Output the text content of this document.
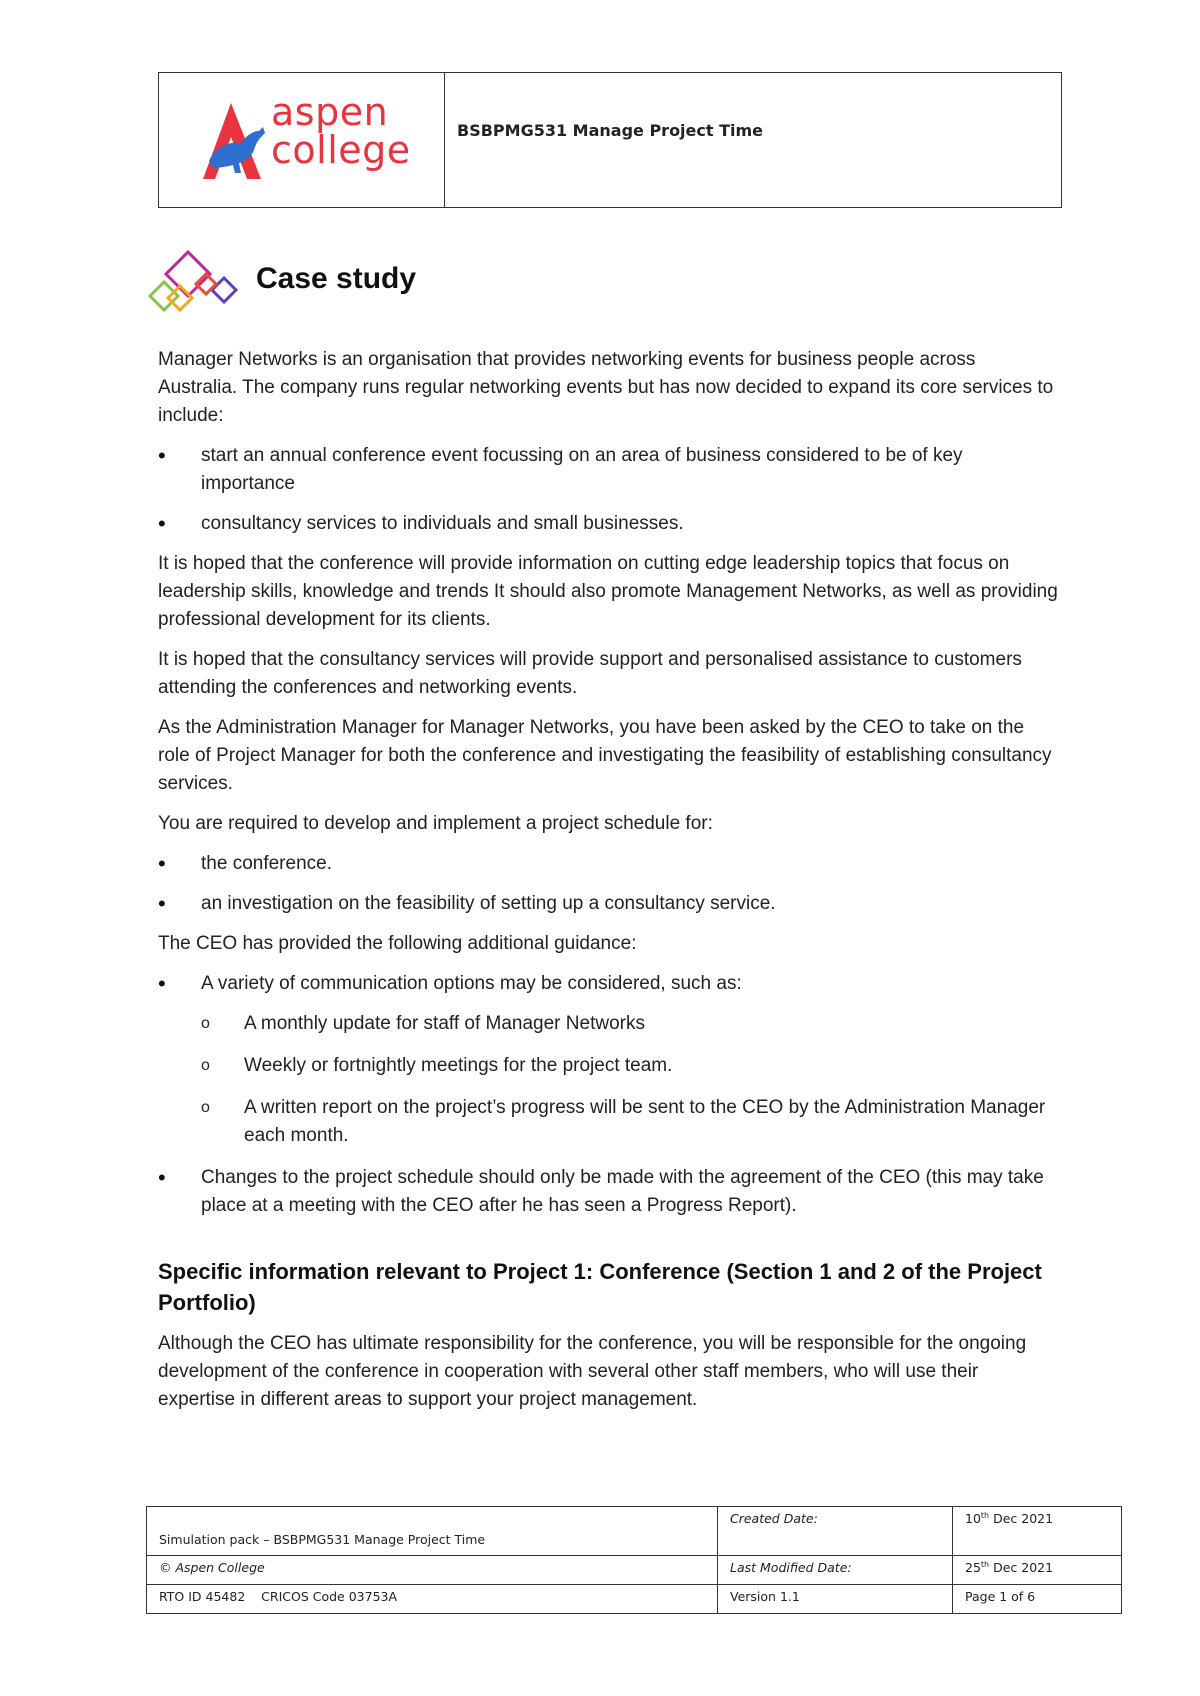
aspen
college	BSBPMG531 Manage Project Time
Case study

Manager Networks is an organisation that provides networking events for business people across Australia. The company runs regular networking events but has now decided to expand its core services to include:

• start an annual conference event focussing on an area of business considered to be of key importance
• consultancy services to individuals and small businesses.

It is hoped that the conference will provide information on cutting edge leadership topics that focus on leadership skills, knowledge and trends It should also promote Management Networks, as well as providing professional development for its clients.

It is hoped that the consultancy services will provide support and personalised assistance to customers attending the conferences and networking events.

As the Administration Manager for Manager Networks, you have been asked by the CEO to take on the role of Project Manager for both the conference and investigating the feasibility of establishing consultancy services.

You are required to develop and implement a project schedule for:

• the conference.
• an investigation on the feasibility of setting up a consultancy service.

The CEO has provided the following additional guidance:

• A variety of communication options may be considered, such as:
o A monthly update for staff of Manager Networks
o Weekly or fortnightly meetings for the project team.
o A written report on the project’s progress will be sent to the CEO by the Administration Manager each month.
• Changes to the project schedule should only be made with the agreement of the CEO (this may take place at a meeting with the CEO after he has seen a Progress Report).
Specific information relevant to Project 1: Conference (Section 1 and 2 of the Project Portfolio)

Although the CEO has ultimate responsibility for the conference, you will be responsible for the ongoing development of the conference in cooperation with several other staff members, who will use their expertise in different areas to support your project management.

Simulation pack – BSBPMG531 Manage Project Time	Created Date:	10th Dec 2021
© Aspen College	Last Modified Date:	25th Dec 2021
RTO ID 45482    CRICOS Code 03753A	Version 1.1	Page 1 of 6
